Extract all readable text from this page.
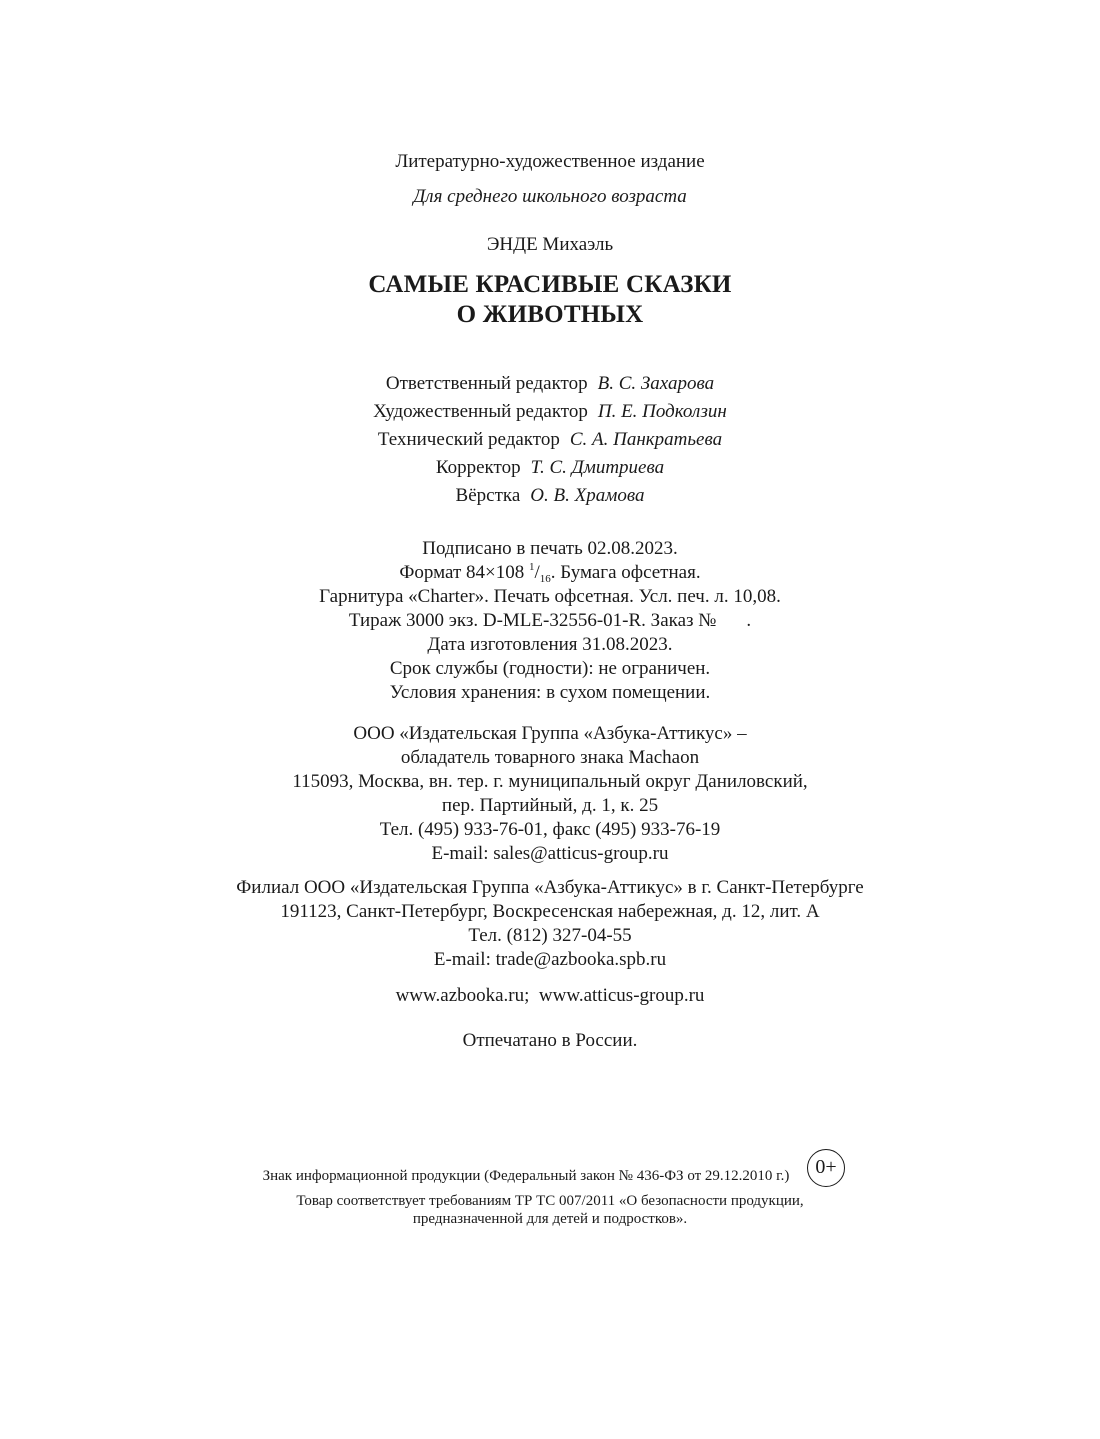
Литературно-художественное издание
Для среднего школьного возраста
ЭНДЕ Михаэль
САМЫЕ КРАСИВЫЕ СКАЗКИ
О ЖИВОТНЫХ
Ответственный редактор В. С. Захарова
Художественный редактор П. Е. Подколзин
Технический редактор С. А. Панкратьева
Корректор Т. С. Дмитриева
Вёрстка О. В. Храмова
Подписано в печать 02.08.2023.
Формат 84×108 $^1/_{16}$. Бумага офсетная.
Гарнитура «Charter». Печать офсетная. Усл. печ. л. 10,08.
Тираж 3000 экз. D-MLE-32556-01-R. Заказ № .
Дата изготовления 31.08.2023.
Срок службы (годности): не ограничен.
Условия хранения: в сухом помещении.
ООО «Издательская Группа «Азбука-Аттикус» –
обладатель товарного знака Machaon
115093, Москва, вн. тер. г. муниципальный округ Даниловский,
пер. Партийный, д. 1, к. 25
Тел. (495) 933-76-01, факс (495) 933-76-19
E-mail: sales@atticus-group.ru
Филиал ООО «Издательская Группа «Азбука-Аттикус» в г. Санкт-Петербурге
191123, Санкт-Петербург, Воскресенская набережная, д. 12, лит. А
Тел. (812) 327-04-55
E-mail: trade@azbooka.spb.ru
www.azbooka.ru;  www.atticus-group.ru
Отпечатано в России.
Знак информационной продукции (Федеральный закон № 436-ФЗ от 29.12.2010 г.)	0+
Товар соответствует требованиям ТР ТС 007/2011 «О безопасности продукции,
предназначенной для детей и подростков».
